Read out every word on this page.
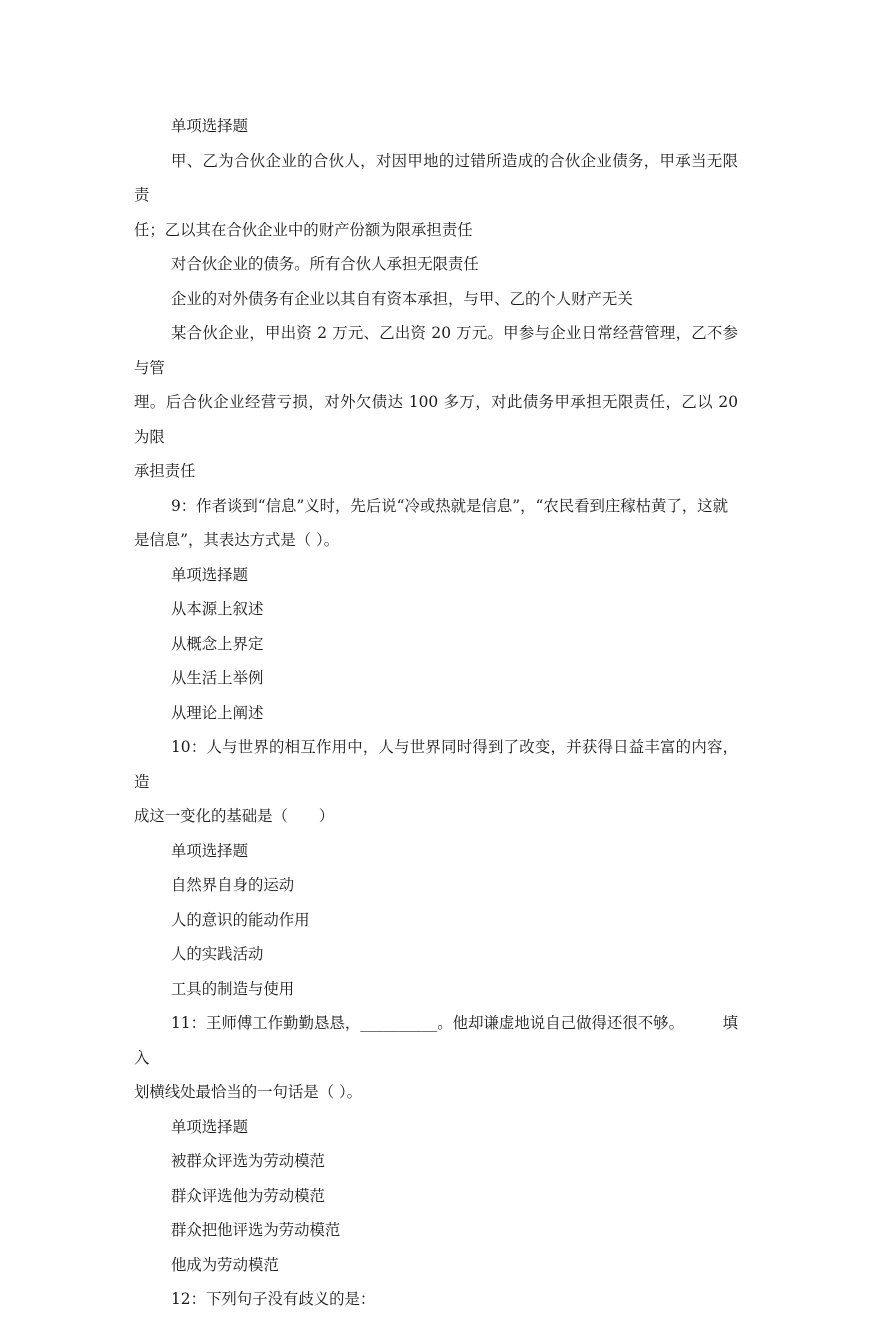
单项选择题

甲、乙为合伙企业的合伙人，对因甲地的过错所造成的合伙企业债务，甲承当无限责
任；乙以其在合伙企业中的财产份额为限承担责任

对合伙企业的债务。所有合伙人承担无限责任

企业的对外债务有企业以其自有资本承担，与甲、乙的个人财产无关

某合伙企业，甲出资 2 万元、乙出资 20 万元。甲参与企业日常经营管理，乙不参与管
理。后合伙企业经营亏损，对外欠债达 100 多万，对此债务甲承担无限责任，乙以 20 为限
承担责任

9：作者谈到“信息”义时，先后说“冷或热就是信息”，“农民看到庄稼枯黄了，这就
是信息”，其表达方式是（ ）。

单项选择题

从本源上叙述

从概念上界定

从生活上举例

从理论上阐述

10：人与世界的相互作用中，人与世界同时得到了改变，并获得日益丰富的内容，造
成这一变化的基础是（　　）

单项选择题

自然界自身的运动

人的意识的能动作用

人的实践活动

工具的制造与使用

11：王师傅工作勤勤恳恳，__________。他却谦虚地说自己做得还很不够。　　　填入
划横线处最恰当的一句话是（ ）。

单项选择题

被群众评选为劳动模范

群众评选他为劳动模范

群众把他评选为劳动模范

他成为劳动模范

12：下列句子没有歧义的是：
